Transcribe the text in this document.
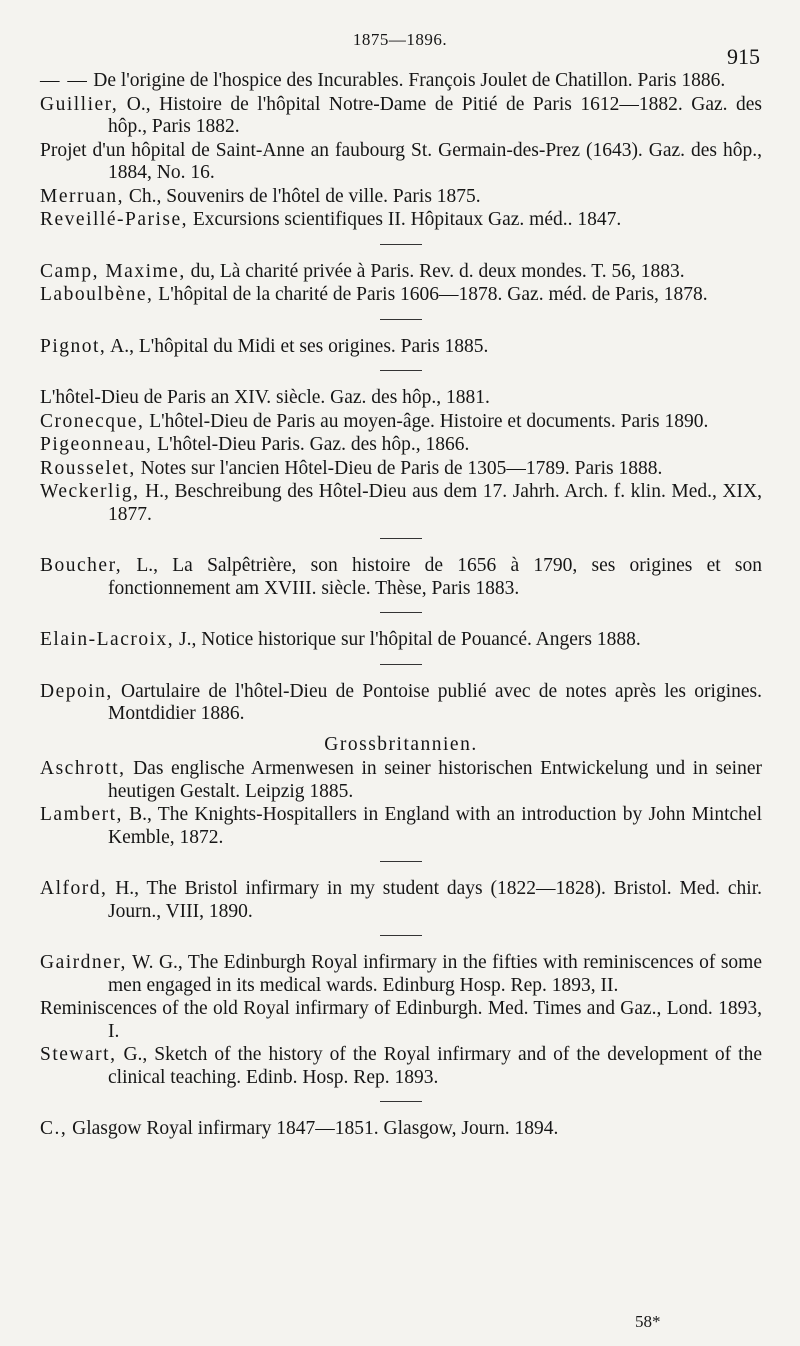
1875—1896.
915

— — De l'origine de l'hospice des Incurables. François Joulet de Chatillon. Paris 1886.

Guillier, O., Histoire de l'hôpital Notre-Dame de Pitié de Paris 1612—1882. Gaz. des hôp., Paris 1882.

Projet d'un hôpital de Saint-Anne an faubourg St. Germain-des-Prez (1643). Gaz. des hôp., 1884, No. 16.

Merruan, Ch., Souvenirs de l'hôtel de ville. Paris 1875.

Reveillé-Parise, Excursions scientifiques II. Hôpitaux Gaz. méd.. 1847.

Camp, Maxime, du, Là charité privée à Paris. Rev. d. deux mondes. T. 56, 1883.

Laboulbène, L'hôpital de la charité de Paris 1606—1878. Gaz. méd. de Paris, 1878.

Pignot, A., L'hôpital du Midi et ses origines. Paris 1885.

L'hôtel-Dieu de Paris an XIV. siècle. Gaz. des hôp., 1881.

Cronecque, L'hôtel-Dieu de Paris au moyen-âge. Histoire et documents. Paris 1890.

Pigeonneau, L'hôtel-Dieu Paris. Gaz. des hôp., 1866.

Rousselet, Notes sur l'ancien Hôtel-Dieu de Paris de 1305—1789. Paris 1888.

Weckerlig, H., Beschreibung des Hôtel-Dieu aus dem 17. Jahrh. Arch. f. klin. Med., XIX, 1877.

Boucher, L., La Salpêtrière, son histoire de 1656 à 1790, ses origines et son fonctionnement am XVIII. siècle. Thèse, Paris 1883.

Elain-Lacroix, J., Notice historique sur l'hôpital de Pouancé. Angers 1888.

Depoin, Oartulaire de l'hôtel-Dieu de Pontoise publié avec de notes après les origines. Montdidier 1886.

Grossbritannien.

Aschrott, Das englische Armenwesen in seiner historischen Entwickelung und in seiner heutigen Gestalt. Leipzig 1885.

Lambert, B., The Knights-Hospitallers in England with an introduction by John Mintchel Kemble, 1872.

Alford, H., The Bristol infirmary in my student days (1822—1828). Bristol. Med. chir. Journ., VIII, 1890.

Gairdner, W. G., The Edinburgh Royal infirmary in the fifties with reminiscences of some men engaged in its medical wards. Edinburg Hosp. Rep. 1893, II.

Reminiscences of the old Royal infirmary of Edinburgh. Med. Times and Gaz., Lond. 1893, I.

Stewart, G., Sketch of the history of the Royal infirmary and of the development of the clinical teaching. Edinb. Hosp. Rep. 1893.

C., Glasgow Royal infirmary 1847—1851. Glasgow, Journ. 1894.

58*
